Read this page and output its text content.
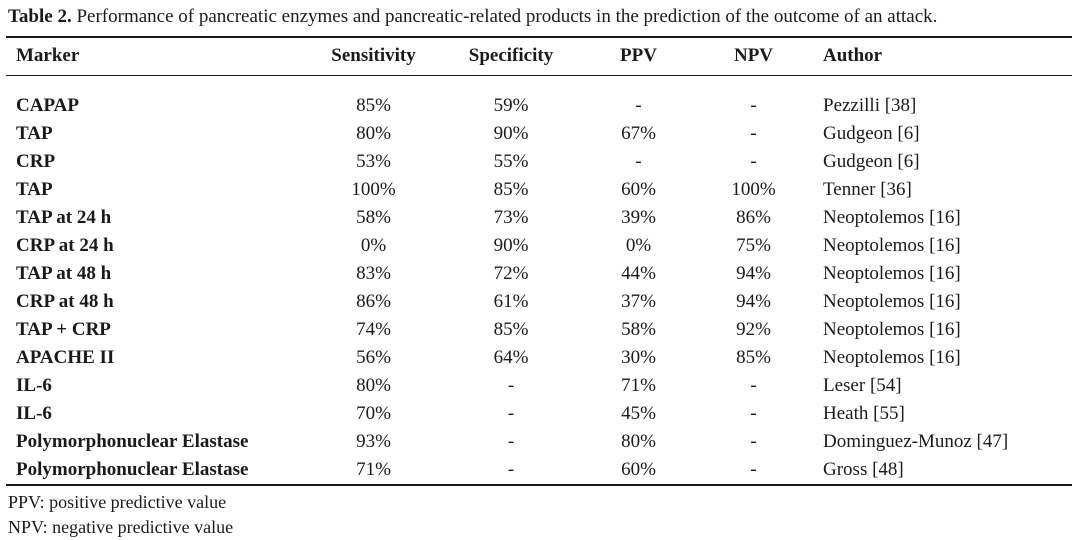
Table 2. Performance of pancreatic enzymes and pancreatic-related products in the prediction of the outcome of an attack.
Marker	Sensitivity	Specificity	PPV	NPV	Author

CAPAP	85%	59%	-	-	Pezzilli [38]
TAP	80%	90%	67%	-	Gudgeon [6]
CRP	53%	55%	-	-	Gudgeon [6]
TAP	100%	85%	60%	100%	Tenner [36]
TAP at 24 h	58%	73%	39%	86%	Neoptolemos [16]
CRP at 24 h	0%	90%	0%	75%	Neoptolemos [16]
TAP at 48 h	83%	72%	44%	94%	Neoptolemos [16]
CRP at 48 h	86%	61%	37%	94%	Neoptolemos [16]
TAP + CRP	74%	85%	58%	92%	Neoptolemos [16]
APACHE II	56%	64%	30%	85%	Neoptolemos [16]
IL-6	80%	-	71%	-	Leser [54]
IL-6	70%	-	45%	-	Heath [55]
Polymorphonuclear Elastase	93%	-	80%	-	Dominguez-Munoz [47]
Polymorphonuclear Elastase	71%	-	60%	-	Gross [48]
PPV: positive predictive value
NPV: negative predictive value
